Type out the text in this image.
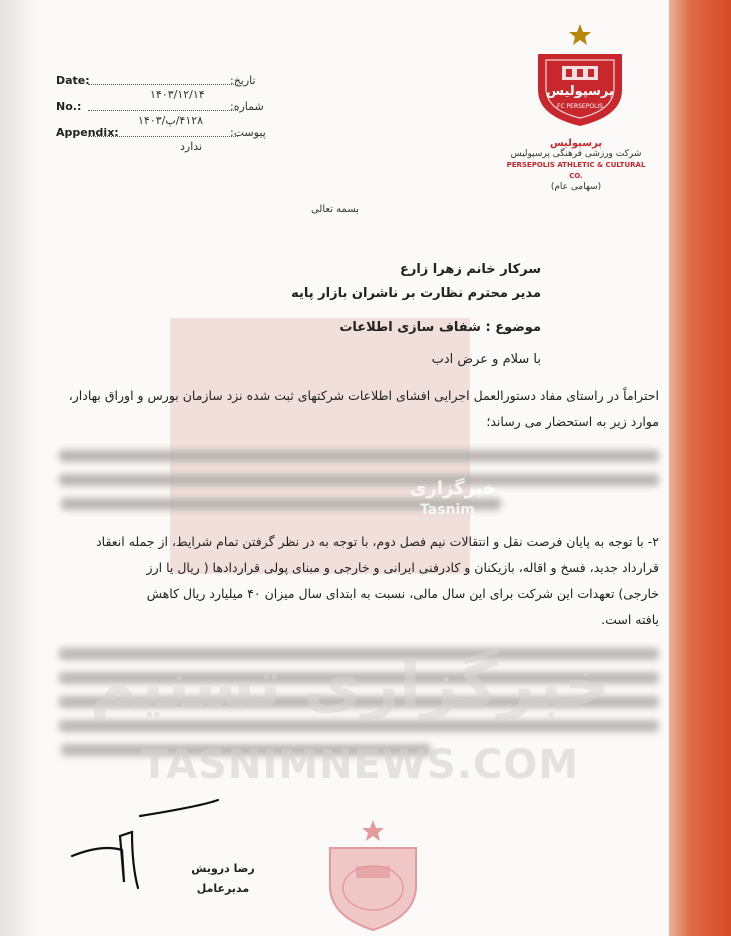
Date:	تاریخ:
۱۴۰۳/۱۲/۱۴
No.:	شماره:
۴۱۲۸/پ/۱۴۰۳
Appendix:	پیوست:
ندارد
پرسپولیس
FC PERSEPOLIS
پرسپولیس
شرکت ورزشی فرهنگی پرسپولیس
PERSEPOLIS ATHLETIC & CULTURAL CO.
(سهامی عام)
بسمه تعالی
سرکار خانم زهرا زارع
مدیر محترم نظارت بر ناشران بازار پایه
موضوع : شفاف سازی اطلاعات
با سلام و عرض ادب
احتراماً در راستای مفاد دستورالعمل اجرایی افشای اطلاعات شرکتهای ثبت شده نزد سازمان بورس و اوراق بهادار،
موارد زیر به استحضار می رساند؛
خبرگزاری
Tasnim
۲- با توجه به پایان فرصت نقل و انتقالات نیم فصل دوم، با توجه به در نظر گرفتن تمام شرایط، از جمله انعقاد
قرارداد جدید، فسخ و اقاله، بازیکنان و کادرفنی ایرانی و خارجی و مبنای پولی قراردادها ( ریال یا ارز
خارجی) تعهدات این شرکت برای این سال مالی، نسبت به ابتدای سال میزان ۴۰ میلیارد ریال کاهش
یافته است.
خبرگزاری تسنیم
TASNIMNEWS.COM
رضا درویش
مدیرعامل
